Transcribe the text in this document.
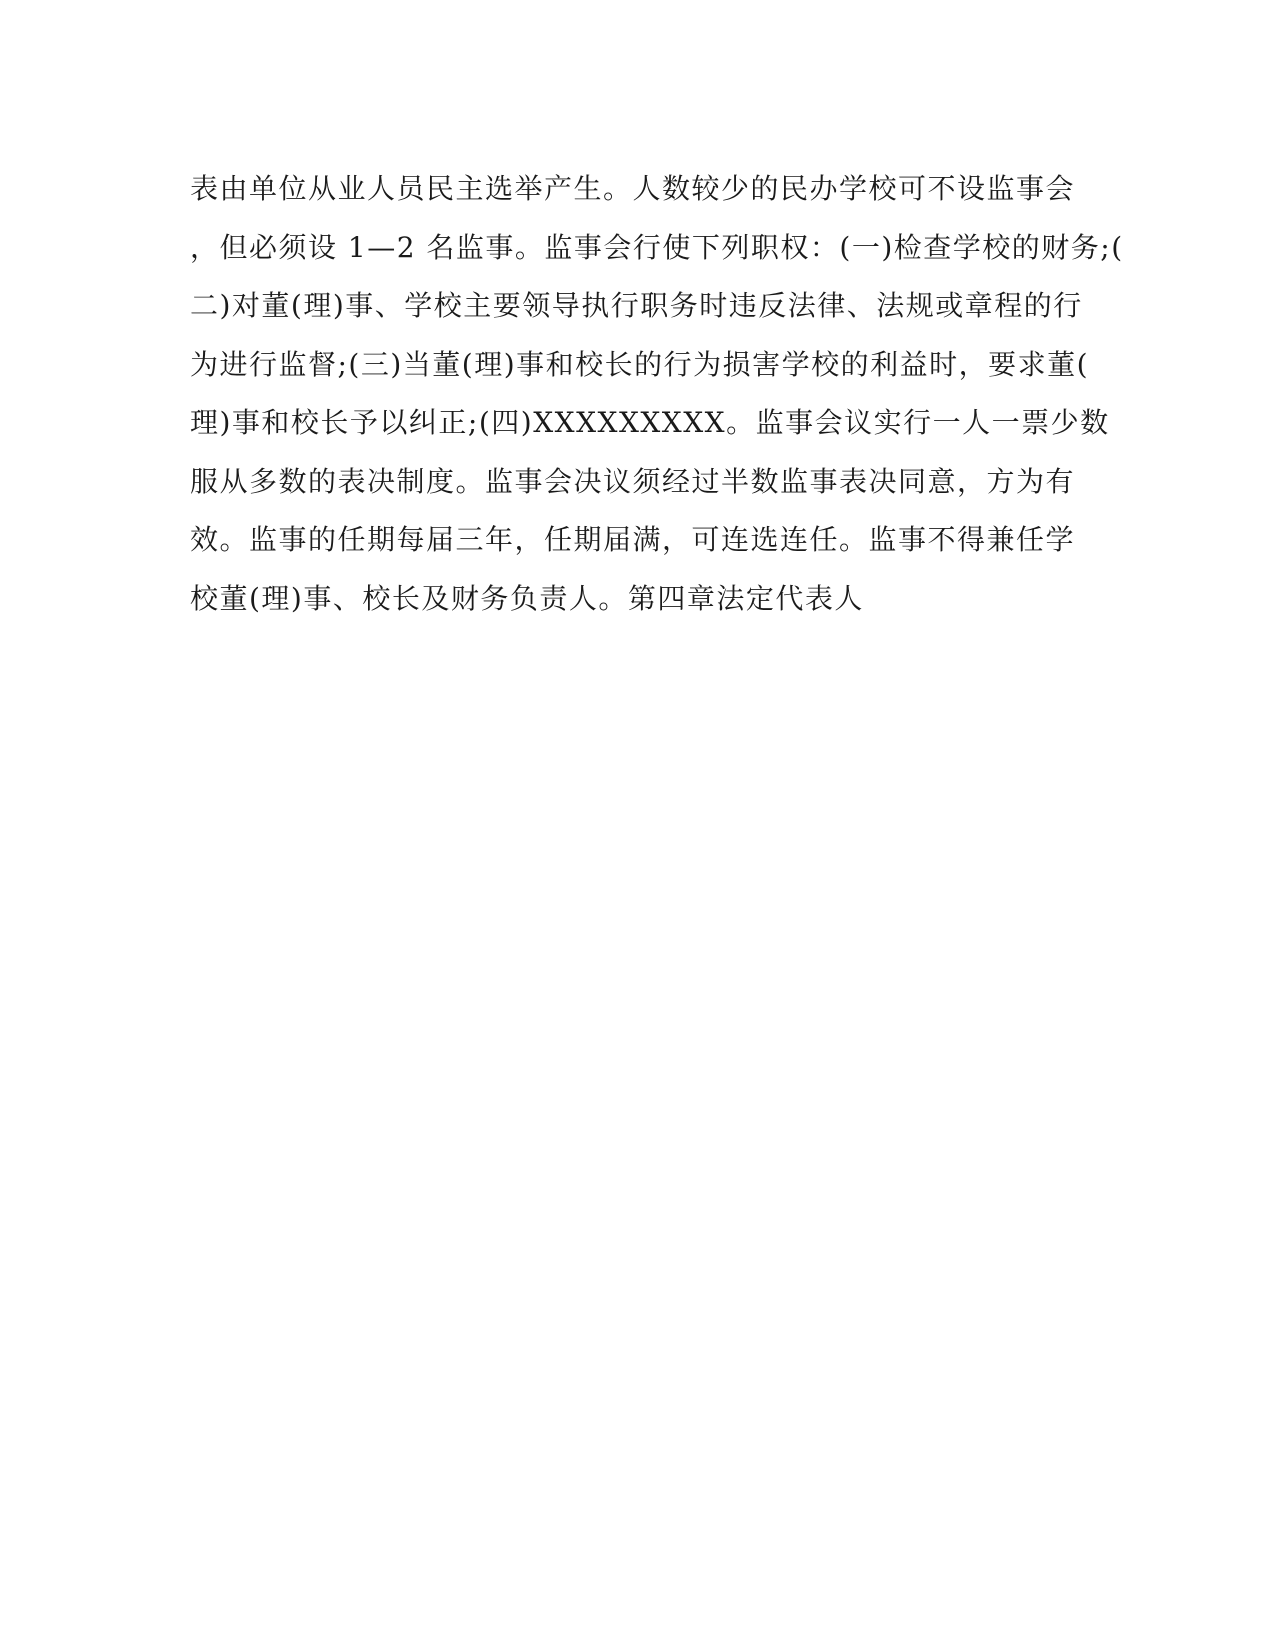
表由单位从业人员民主选举产生。人数较少的民办学校可不设监事会
，但必须设 1—2 名监事。监事会行使下列职权：(一)检查学校的财务;(
二)对董(理)事、学校主要领导执行职务时违反法律、法规或章程的行
为进行监督;(三)当董(理)事和校长的行为损害学校的利益时，要求董(
理)事和校长予以纠正;(四)XXXXXXXXX。监事会议实行一人一票少数
服从多数的表决制度。监事会决议须经过半数监事表决同意，方为有
效。监事的任期每届三年，任期届满，可连选连任。监事不得兼任学
校董(理)事、校长及财务负责人。第四章法定代表人
